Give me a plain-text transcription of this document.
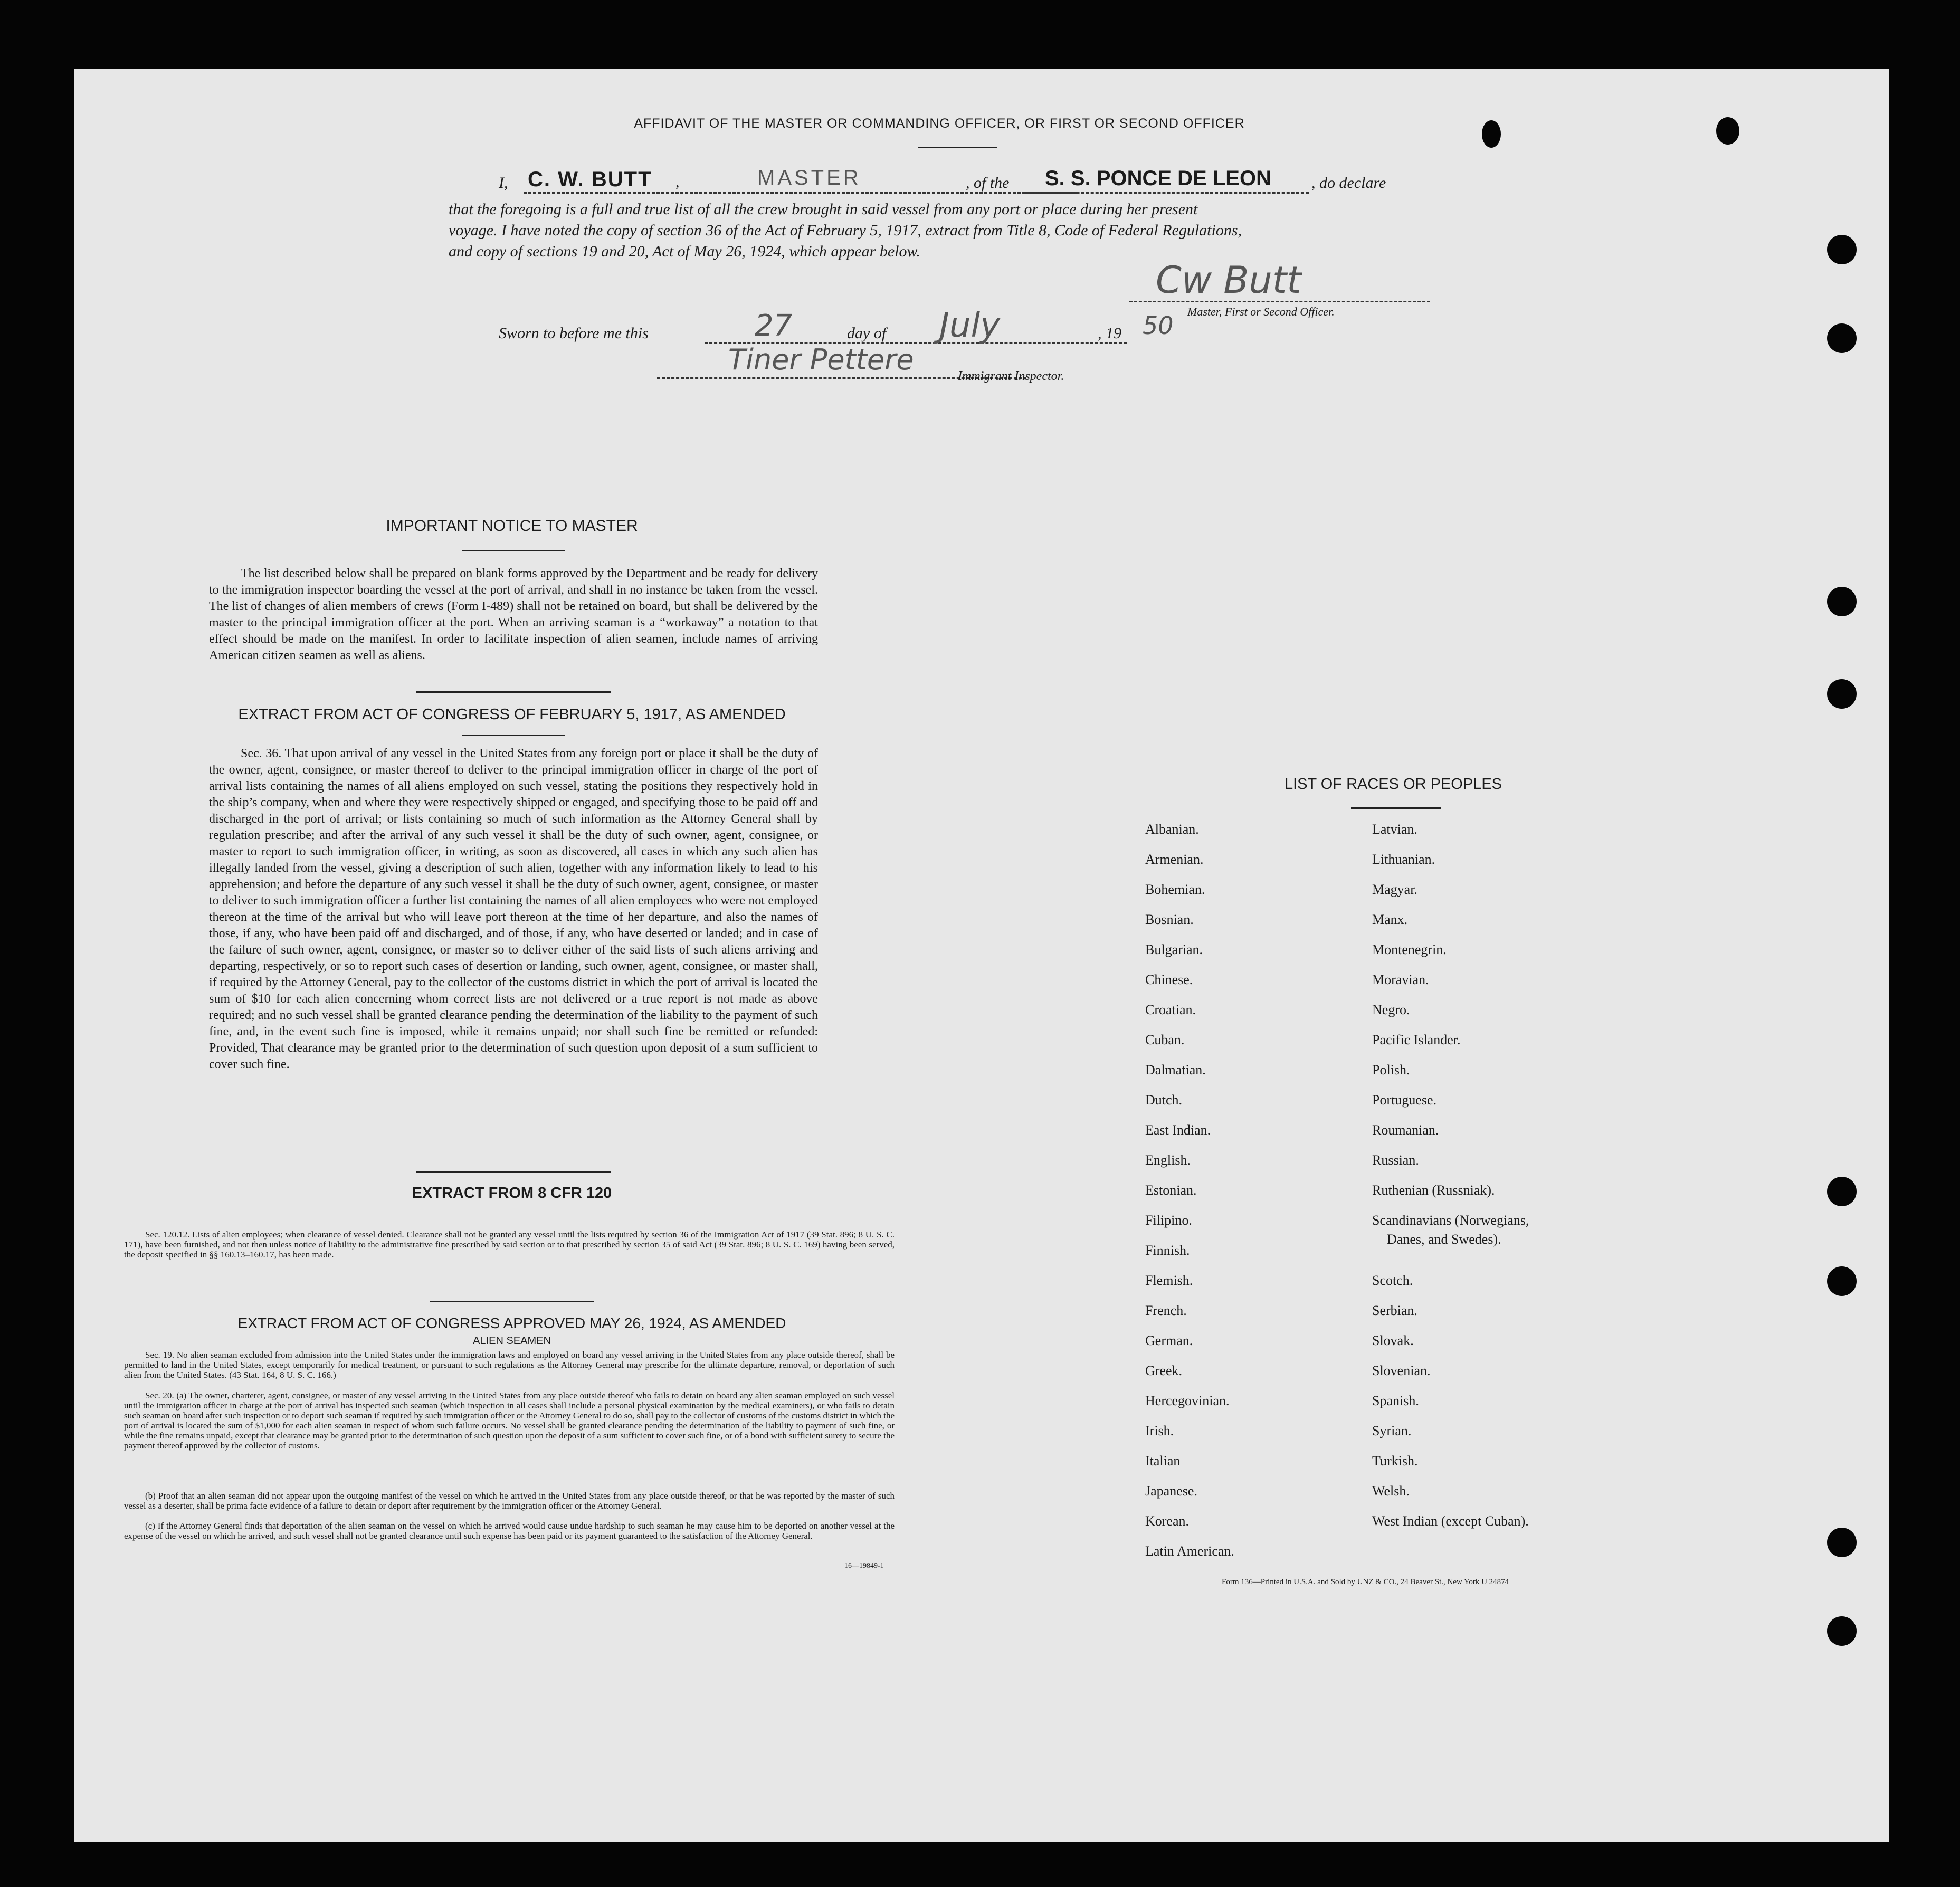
AFFIDAVIT OF THE MASTER OR COMMANDING OFFICER, OR FIRST OR SECOND OFFICER
I, C. W. BUTT ,	MASTER	, of the S. S. PONCE DE LEON	, do declare
that the foregoing is a full and true list of all the crew brought in said vessel from any port or place during her present
voyage. I have noted the copy of section 36 of the Act of February 5, 1917, extract from Title 8, Code of Federal Regulations,
and copy of sections 19 and 20, Act of May 26, 1924, which appear below.
Cw Butt
Master, First or Second Officer.
Sworn to before me this	27	day of July	, 19 50
Tiner Pettere	Immigrant Inspector.
IMPORTANT NOTICE TO MASTER
The list described below shall be prepared on blank forms approved by the Department and be ready for delivery to the immigration inspector boarding the vessel at the port of arrival, and shall in no instance be taken from the vessel. The list of changes of alien members of crews (Form I-489) shall not be retained on board, but shall be delivered by the master to the principal immigration officer at the port. When an arriving seaman is a “workaway” a notation to that effect should be made on the manifest. In order to facilitate inspection of alien seamen, include names of arriving American citizen seamen as well as aliens.
EXTRACT FROM ACT OF CONGRESS OF FEBRUARY 5, 1917, AS AMENDED
Sec. 36. That upon arrival of any vessel in the United States from any foreign port or place it shall be the duty of the owner, agent, consignee, or master thereof to deliver to the principal immigration officer in charge of the port of arrival lists containing the names of all aliens employed on such vessel, stating the positions they respectively hold in the ship’s company, when and where they were respectively shipped or engaged, and specifying those to be paid off and discharged in the port of arrival; or lists containing so much of such information as the Attorney General shall by regulation prescribe; and after the arrival of any such vessel it shall be the duty of such owner, agent, consignee, or master to report to such immigration officer, in writing, as soon as discovered, all cases in which any such alien has illegally landed from the vessel, giving a description of such alien, together with any information likely to lead to his apprehension; and before the departure of any such vessel it shall be the duty of such owner, agent, consignee, or master to deliver to such immigration officer a further list containing the names of all alien employees who were not employed thereon at the time of the arrival but who will leave port thereon at the time of her departure, and also the names of those, if any, who have been paid off and discharged, and of those, if any, who have deserted or landed; and in case of the failure of such owner, agent, consignee, or master so to deliver either of the said lists of such aliens arriving and departing, respectively, or so to report such cases of desertion or landing, such owner, agent, consignee, or master shall, if required by the Attorney General, pay to the collector of the customs district in which the port of arrival is located the sum of $10 for each alien concerning whom correct lists are not delivered or a true report is not made as above required; and no such vessel shall be granted clearance pending the determination of the liability to the payment of such fine, and, in the event such fine is imposed, while it remains unpaid; nor shall such fine be remitted or refunded: Provided, That clearance may be granted prior to the determination of such question upon deposit of a sum sufficient to cover such fine.
EXTRACT FROM 8 CFR 120
Sec. 120.12. Lists of alien employees; when clearance of vessel denied. Clearance shall not be granted any vessel until the lists required by section 36 of the Immigration Act of 1917 (39 Stat. 896; 8 U. S. C. 171), have been furnished, and not then unless notice of liability to the administrative fine prescribed by said section or to that prescribed by section 35 of said Act (39 Stat. 896; 8 U. S. C. 169) having been served, the deposit specified in §§ 160.13–160.17, has been made.
EXTRACT FROM ACT OF CONGRESS APPROVED MAY 26, 1924, AS AMENDED
ALIEN SEAMEN
Sec. 19. No alien seaman excluded from admission into the United States under the immigration laws and employed on board any vessel arriving in the United States from any place outside thereof, shall be permitted to land in the United States, except temporarily for medical treatment, or pursuant to such regulations as the Attorney General may prescribe for the ultimate departure, removal, or deportation of such alien from the United States. (43 Stat. 164, 8 U. S. C. 166.)
Sec. 20. (a) The owner, charterer, agent, consignee, or master of any vessel arriving in the United States from any place outside thereof who fails to detain on board any alien seaman employed on such vessel until the immigration officer in charge at the port of arrival has inspected such seaman (which inspection in all cases shall include a personal physical examination by the medical examiners), or who fails to detain such seaman on board after such inspection or to deport such seaman if required by such immigration officer or the Attorney General to do so, shall pay to the collector of customs of the customs district in which the port of arrival is located the sum of $1,000 for each alien seaman in respect of whom such failure occurs. No vessel shall be granted clearance pending the determination of the liability to payment of such fine, or while the fine remains unpaid, except that clearance may be granted prior to the determination of such question upon the deposit of a sum sufficient to cover such fine, or of a bond with sufficient surety to secure the payment thereof approved by the collector of customs.
(b) Proof that an alien seaman did not appear upon the outgoing manifest of the vessel on which he arrived in the United States from any place outside thereof, or that he was reported by the master of such vessel as a deserter, shall be prima facie evidence of a failure to detain or deport after requirement by the immigration officer or the Attorney General.
(c) If the Attorney General finds that deportation of the alien seaman on the vessel on which he arrived would cause undue hardship to such seaman he may cause him to be deported on another vessel at the expense of the vessel on which he arrived, and such vessel shall not be granted clearance until such expense has been paid or its payment guaranteed to the satisfaction of the Attorney General.
16—19849-1
LIST OF RACES OR PEOPLES
Albanian.
Armenian.
Bohemian.
Bosnian.
Bulgarian.
Chinese.
Croatian.
Cuban.
Dalmatian.
Dutch.
East Indian.
English.
Estonian.
Filipino.
Finnish.
Flemish.
French.
German.
Greek.
Hercegovinian.
Irish.
Italian
Japanese.
Korean.
Latin American.
Latvian.
Lithuanian.
Magyar.
Manx.
Montenegrin.
Moravian.
Negro.
Pacific Islander.
Polish.
Portuguese.
Roumanian.
Russian.
Ruthenian (Russniak).
Scandinavians (Norwegians,
Danes, and Swedes).
Scotch.
Serbian.
Slovak.
Slovenian.
Spanish.
Syrian.
Turkish.
Welsh.
West Indian (except Cuban).
Form 136—Printed in U.S.A. and Sold by UNZ & CO., 24 Beaver St., New York U 24874
